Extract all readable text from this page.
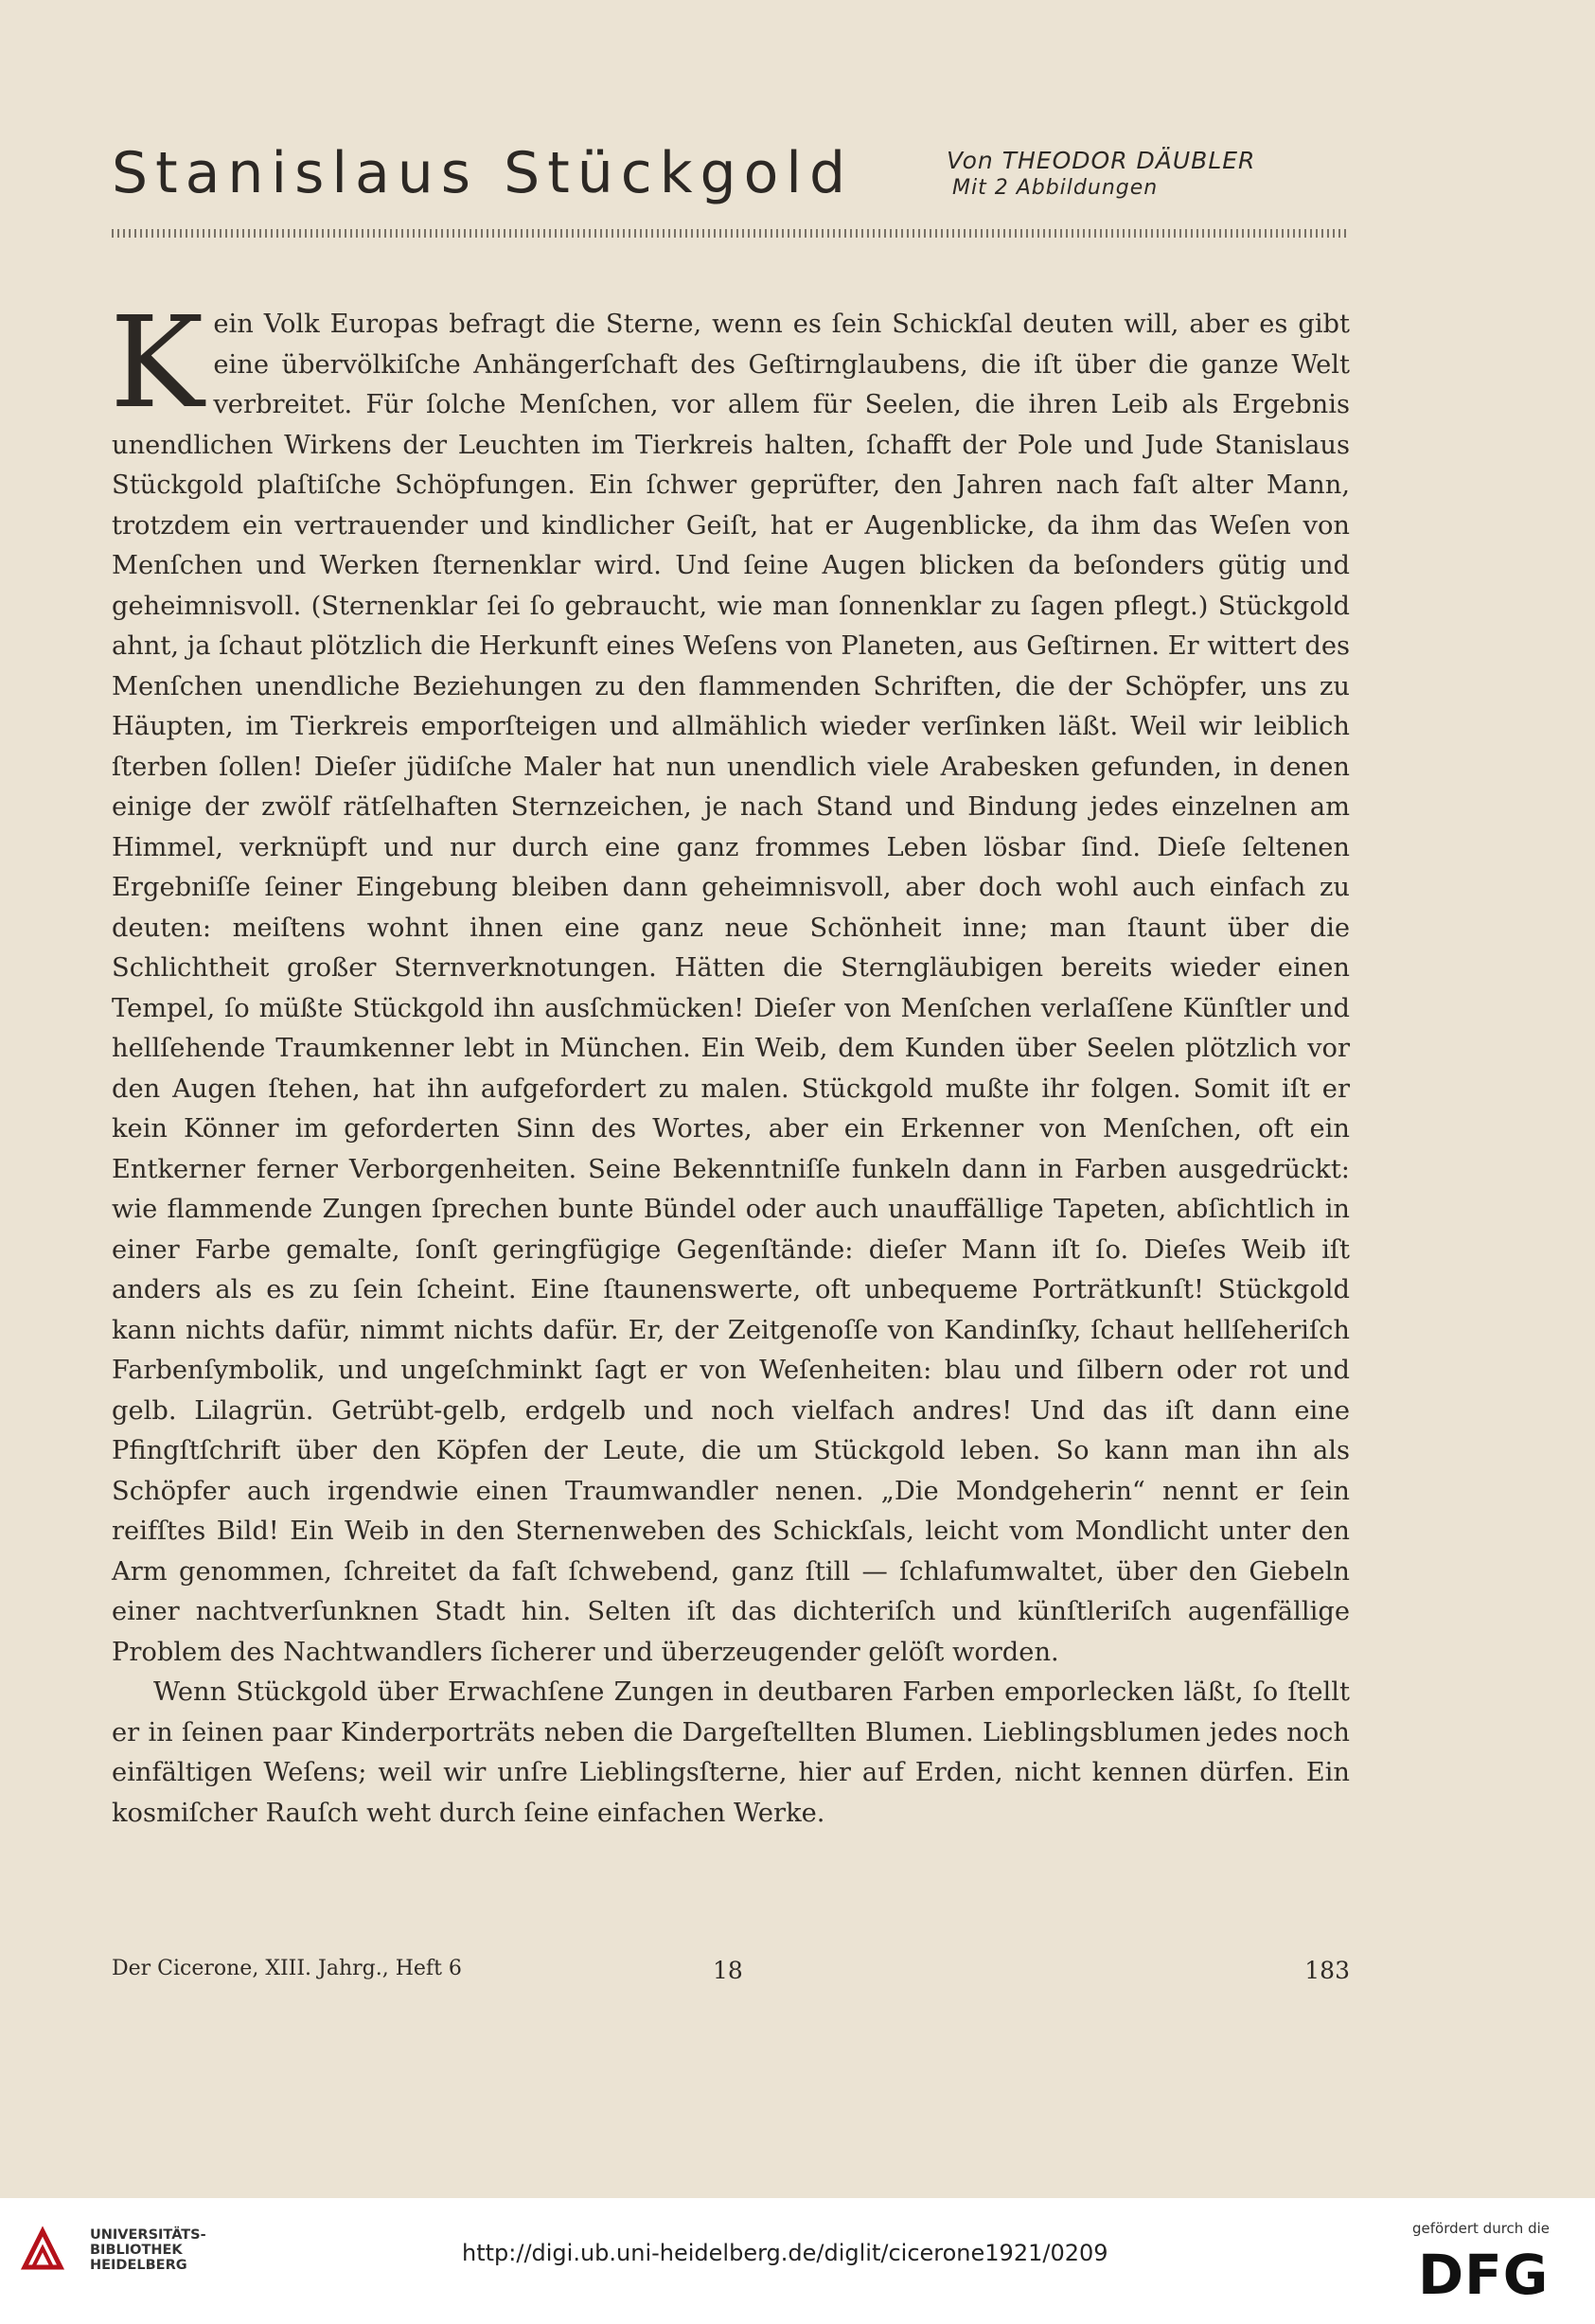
Stanislaus Stückgold	Von THEODOR DÄUBLER
Mit 2 Abbildungen

Kein Volk Europas befragt die Sterne, wenn es ſein Schickſal deuten will, aber es gibt eine übervölkiſche Anhängerſchaft des Geſtirnglaubens, die iſt über die ganze Welt verbreitet. Für ſolche Menſchen, vor allem für Seelen, die ihren Leib als Ergebnis unendlichen Wirkens der Leuchten im Tierkreis halten, ſchafft der Pole und Jude Stanislaus Stückgold plaſtiſche Schöpfungen. Ein ſchwer geprüfter, den Jahren nach faſt alter Mann, trotzdem ein vertrauender und kindlicher Geiſt, hat er Augenblicke, da ihm das Weſen von Menſchen und Werken ſternenklar wird. Und ſeine Augen blicken da beſonders gütig und geheimnisvoll. (Sternenklar ſei ſo gebraucht, wie man ſonnenklar zu ſagen pflegt.) Stückgold ahnt, ja ſchaut plötzlich die Herkunft eines Weſens von Planeten, aus Geſtirnen. Er wittert des Menſchen unendliche Beziehungen zu den flammenden Schriften, die der Schöpfer, uns zu Häupten, im Tierkreis emporſteigen und allmählich wieder verſinken läßt. Weil wir leiblich ſterben ſollen! Dieſer jüdiſche Maler hat nun unendlich viele Arabesken gefunden, in denen einige der zwölf rätſelhaften Sternzeichen, je nach Stand und Bindung jedes einzelnen am Himmel, verknüpft und nur durch eine ganz frommes Leben lösbar ſind. Dieſe ſeltenen Ergebniſſe ſeiner Eingebung bleiben dann geheimnisvoll, aber doch wohl auch einfach zu deuten: meiſtens wohnt ihnen eine ganz neue Schönheit inne; man ſtaunt über die Schlichtheit großer Sternverknotungen. Hätten die Sterngläubigen bereits wieder einen Tempel, ſo müßte Stückgold ihn ausſchmücken! Dieſer von Menſchen verlaſſene Künſtler und hellſehende Traumkenner lebt in München. Ein Weib, dem Kunden über Seelen plötzlich vor den Augen ſtehen, hat ihn aufgefordert zu malen. Stückgold mußte ihr folgen. Somit iſt er kein Könner im geforderten Sinn des Wortes, aber ein Erkenner von Menſchen, oft ein Entkerner ferner Verborgenheiten. Seine Bekenntniſſe funkeln dann in Farben ausgedrückt: wie flammende Zungen ſprechen bunte Bündel oder auch unauffällige Tapeten, abſichtlich in einer Farbe gemalte, ſonſt geringfügige Gegenſtände: dieſer Mann iſt ſo. Dieſes Weib iſt anders als es zu ſein ſcheint. Eine ſtaunenswerte, oft unbequeme Porträtkunſt! Stückgold kann nichts dafür, nimmt nichts dafür. Er, der Zeitgenoſſe von Kandinſky, ſchaut hellſeheriſch Farbenſymbolik, und ungeſchminkt ſagt er von Weſenheiten: blau und ſilbern oder rot und gelb. Lilagrün. Getrübt-gelb, erdgelb und noch vielfach andres! Und das iſt dann eine Pfingſtſchrift über den Köpfen der Leute, die um Stückgold leben. So kann man ihn als Schöpfer auch irgendwie einen Traumwandler nenen. „Die Mondgeherin“ nennt er ſein reifſtes Bild! Ein Weib in den Sternenweben des Schickſals, leicht vom Mondlicht unter den Arm genommen, ſchreitet da faſt ſchwebend, ganz ſtill — ſchlafumwaltet, über den Giebeln einer nachtverſunknen Stadt hin. Selten iſt das dichteriſch und künſtleriſch augenfällige Problem des Nachtwandlers ſicherer und überzeugender gelöſt worden.

Wenn Stückgold über Erwachſene Zungen in deutbaren Farben emporlecken läßt, ſo ſtellt er in ſeinen paar Kinderporträts neben die Dargeſtellten Blumen. Lieblingsblumen jedes noch einfältigen Weſens; weil wir unſre Lieblingsſterne, hier auf Erden, nicht kennen dürfen. Ein kosmiſcher Rauſch weht durch ſeine einfachen Werke.

Der Cicerone, XIII. Jahrg., Heft 6	18	183
UNIVERSITÄTS-
BIBLIOTHEK
HEIDELBERG	http://digi.ub.uni-heidelberg.de/diglit/cicerone1921/0209
gefördert durch die
DFG
